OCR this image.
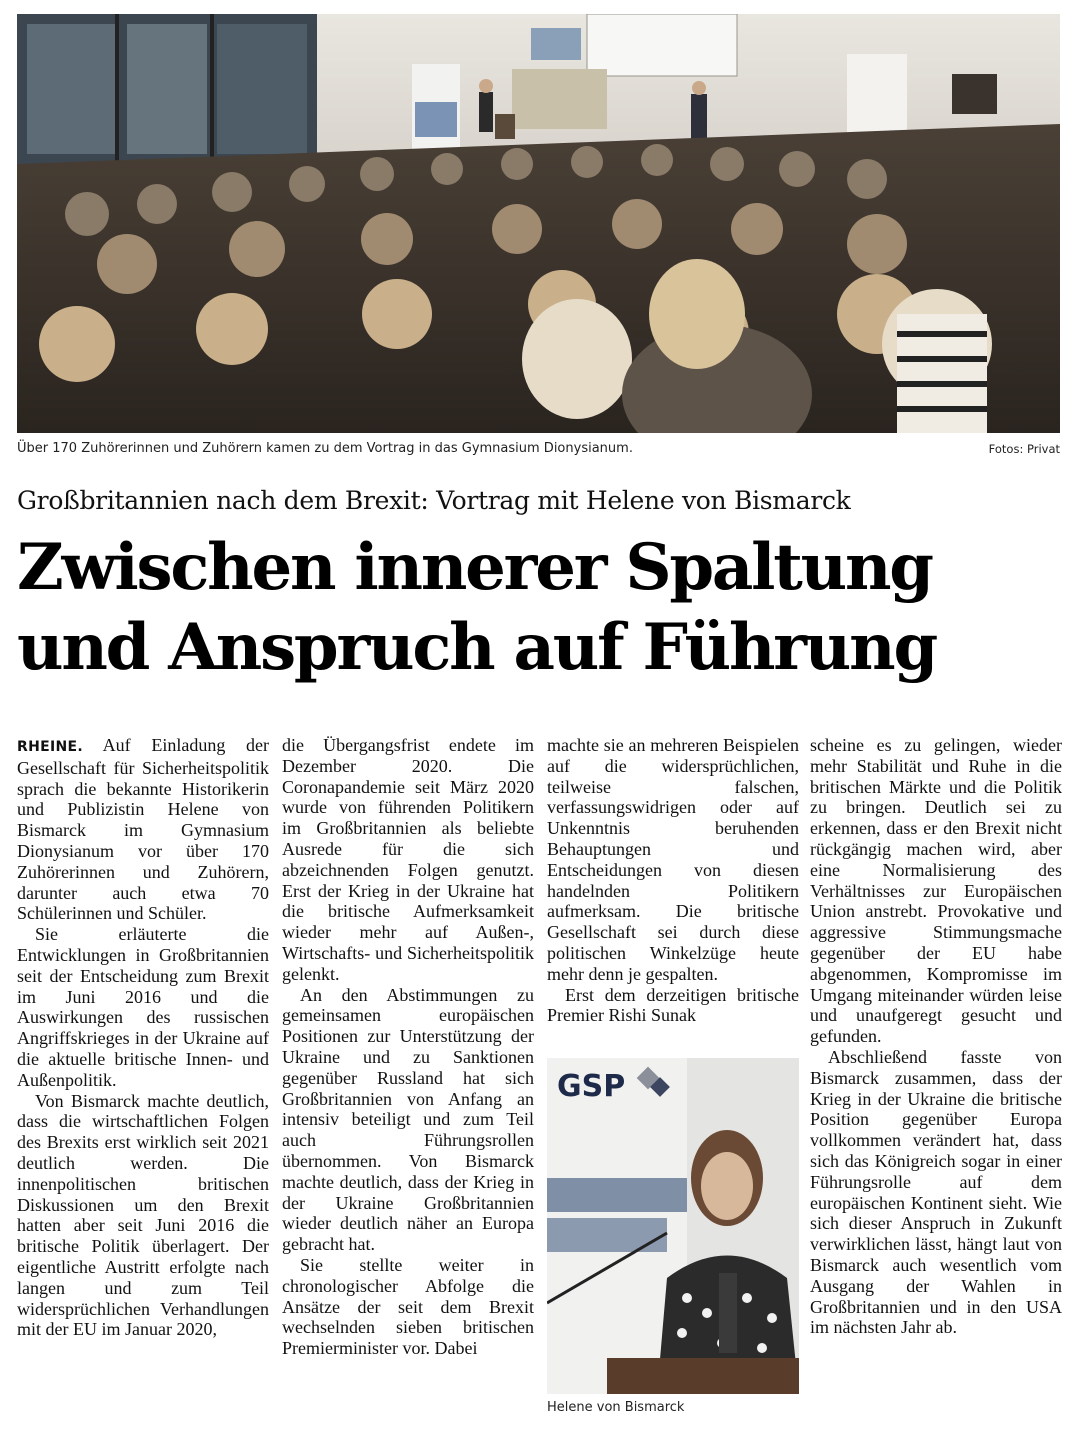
Über 170 Zuhörerinnen und Zuhörern kamen zu dem Vortrag in das Gymnasium Dionysianum.	Fotos: Privat
Großbritannien nach dem Brexit: Vortrag mit Helene von Bismarck
Zwischen innerer Spaltung
und Anspruch auf Führung

RHEINE. Auf Einladung der Gesellschaft für Sicherheitspolitik sprach die bekannte Historikerin und Publizistin Helene von Bismarck im Gymnasium Dionysianum vor über 170 Zuhörerinnen und Zuhörern, darunter auch etwa 70 Schülerinnen und Schüler.

Sie erläuterte die Entwicklungen in Großbritannien seit der Entscheidung zum Brexit im Juni 2016 und die Auswirkungen des russischen Angriffskrieges in der Ukraine auf die aktuelle britische Innen- und Außenpolitik.

Von Bismarck machte deutlich, dass die wirtschaftlichen Folgen des Brexits erst wirklich seit 2021 deutlich werden. Die innenpolitischen britischen Diskussionen um den Brexit hatten aber seit Juni 2016 die britische Politik überlagert. Der eigentliche Austritt erfolgte nach langen und zum Teil widersprüchlichen Verhandlungen mit der EU im Januar 2020,

die Übergangsfrist endete im Dezember 2020. Die Coronapandemie seit März 2020 wurde von führenden Politikern im Großbritannien als beliebte Ausrede für die sich abzeichnenden Folgen genutzt. Erst der Krieg in der Ukraine hat die britische Aufmerksamkeit wieder mehr auf Außen-, Wirtschafts- und Sicherheitspolitik gelenkt.

An den Abstimmungen zu gemeinsamen europäischen Positionen zur Unterstützung der Ukraine und zu Sanktionen gegenüber Russland hat sich Großbritannien von Anfang an intensiv beteiligt und zum Teil auch Führungsrollen übernommen. Von Bismarck machte deutlich, dass der Krieg in der Ukraine Großbritannien wieder deutlich näher an Europa gebracht hat.

Sie stellte weiter in chronologischer Abfolge die Ansätze der seit dem Brexit wechselnden sieben britischen Premierminister vor. Dabei

machte sie an mehreren Beispielen auf die widersprüchlichen, teilweise falschen, verfassungswidrigen oder auf Unkenntnis beruhenden Behauptungen und Entscheidungen von diesen handelnden Politikern aufmerksam. Die britische Gesellschaft sei durch diese politischen Winkelzüge heute mehr denn je gespalten.

Erst dem derzeitigen britische Premier Rishi Sunak

scheine es zu gelingen, wieder mehr Stabilität und Ruhe in die britischen Märkte und die Politik zu bringen. Deutlich sei zu erkennen, dass er den Brexit nicht rückgängig machen wird, aber eine Normalisierung des Verhältnisses zur Europäischen Union anstrebt. Provokative und aggressive Stimmungsmache gegenüber der EU habe abgenommen, Kompromisse im Umgang miteinander würden leise und unaufgeregt gesucht und gefunden.

Abschließend fasste von Bismarck zusammen, dass der Krieg in der Ukraine die britische Position gegenüber Europa vollkommen verändert hat, dass sich das Königreich sogar in einer Führungsrolle auf dem europäischen Kontinent sieht. Wie sich dieser Anspruch in Zukunft verwirklichen lässt, hängt laut von Bismarck auch wesentlich vom Ausgang der Wahlen in Großbritannien und in den USA im nächsten Jahr ab.

GSP
Helene von Bismarck
